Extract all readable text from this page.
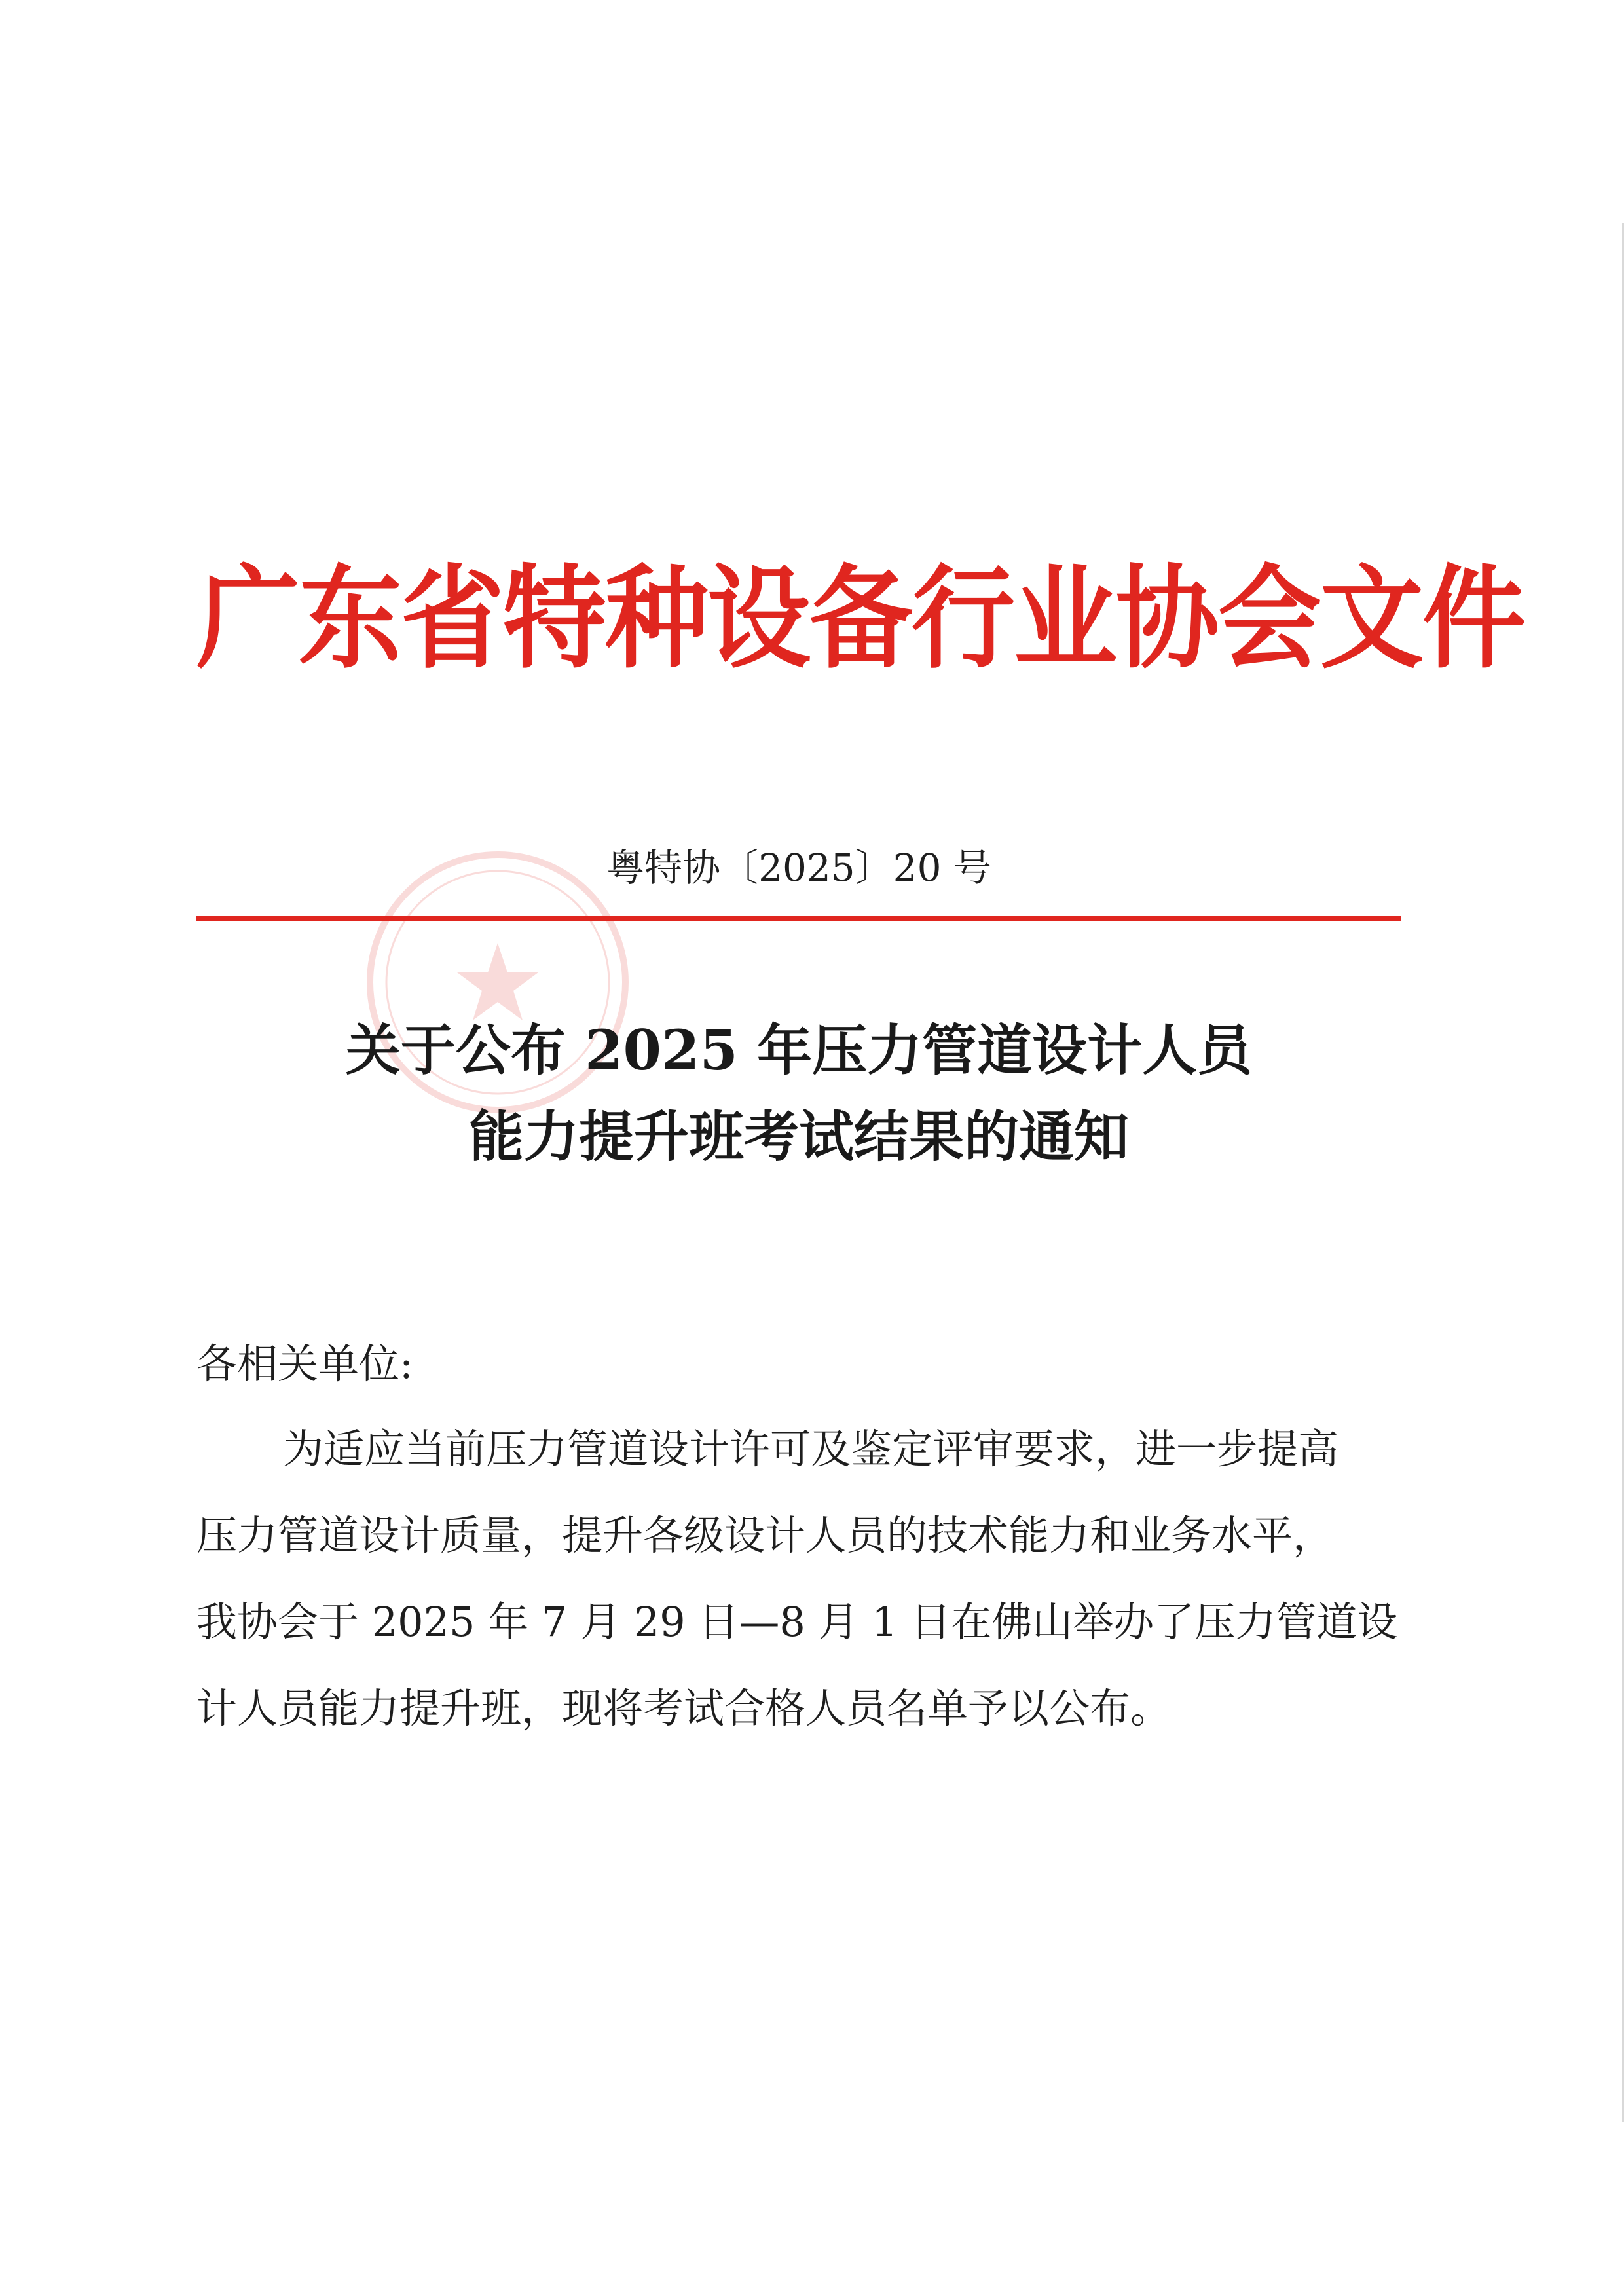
广东省特种设备行业协会文件
粤特协〔2025〕20 号
关于公布 2025 年压力管道设计人员
能力提升班考试结果的通知
各相关单位:
为适应当前压力管道设计许可及鉴定评审要求，进一步提高
压力管道设计质量，提升各级设计人员的技术能力和业务水平，
我协会于 2025 年 7 月 29 日—8 月 1 日在佛山举办了压力管道设
计人员能力提升班，现将考试合格人员名单予以公布。
